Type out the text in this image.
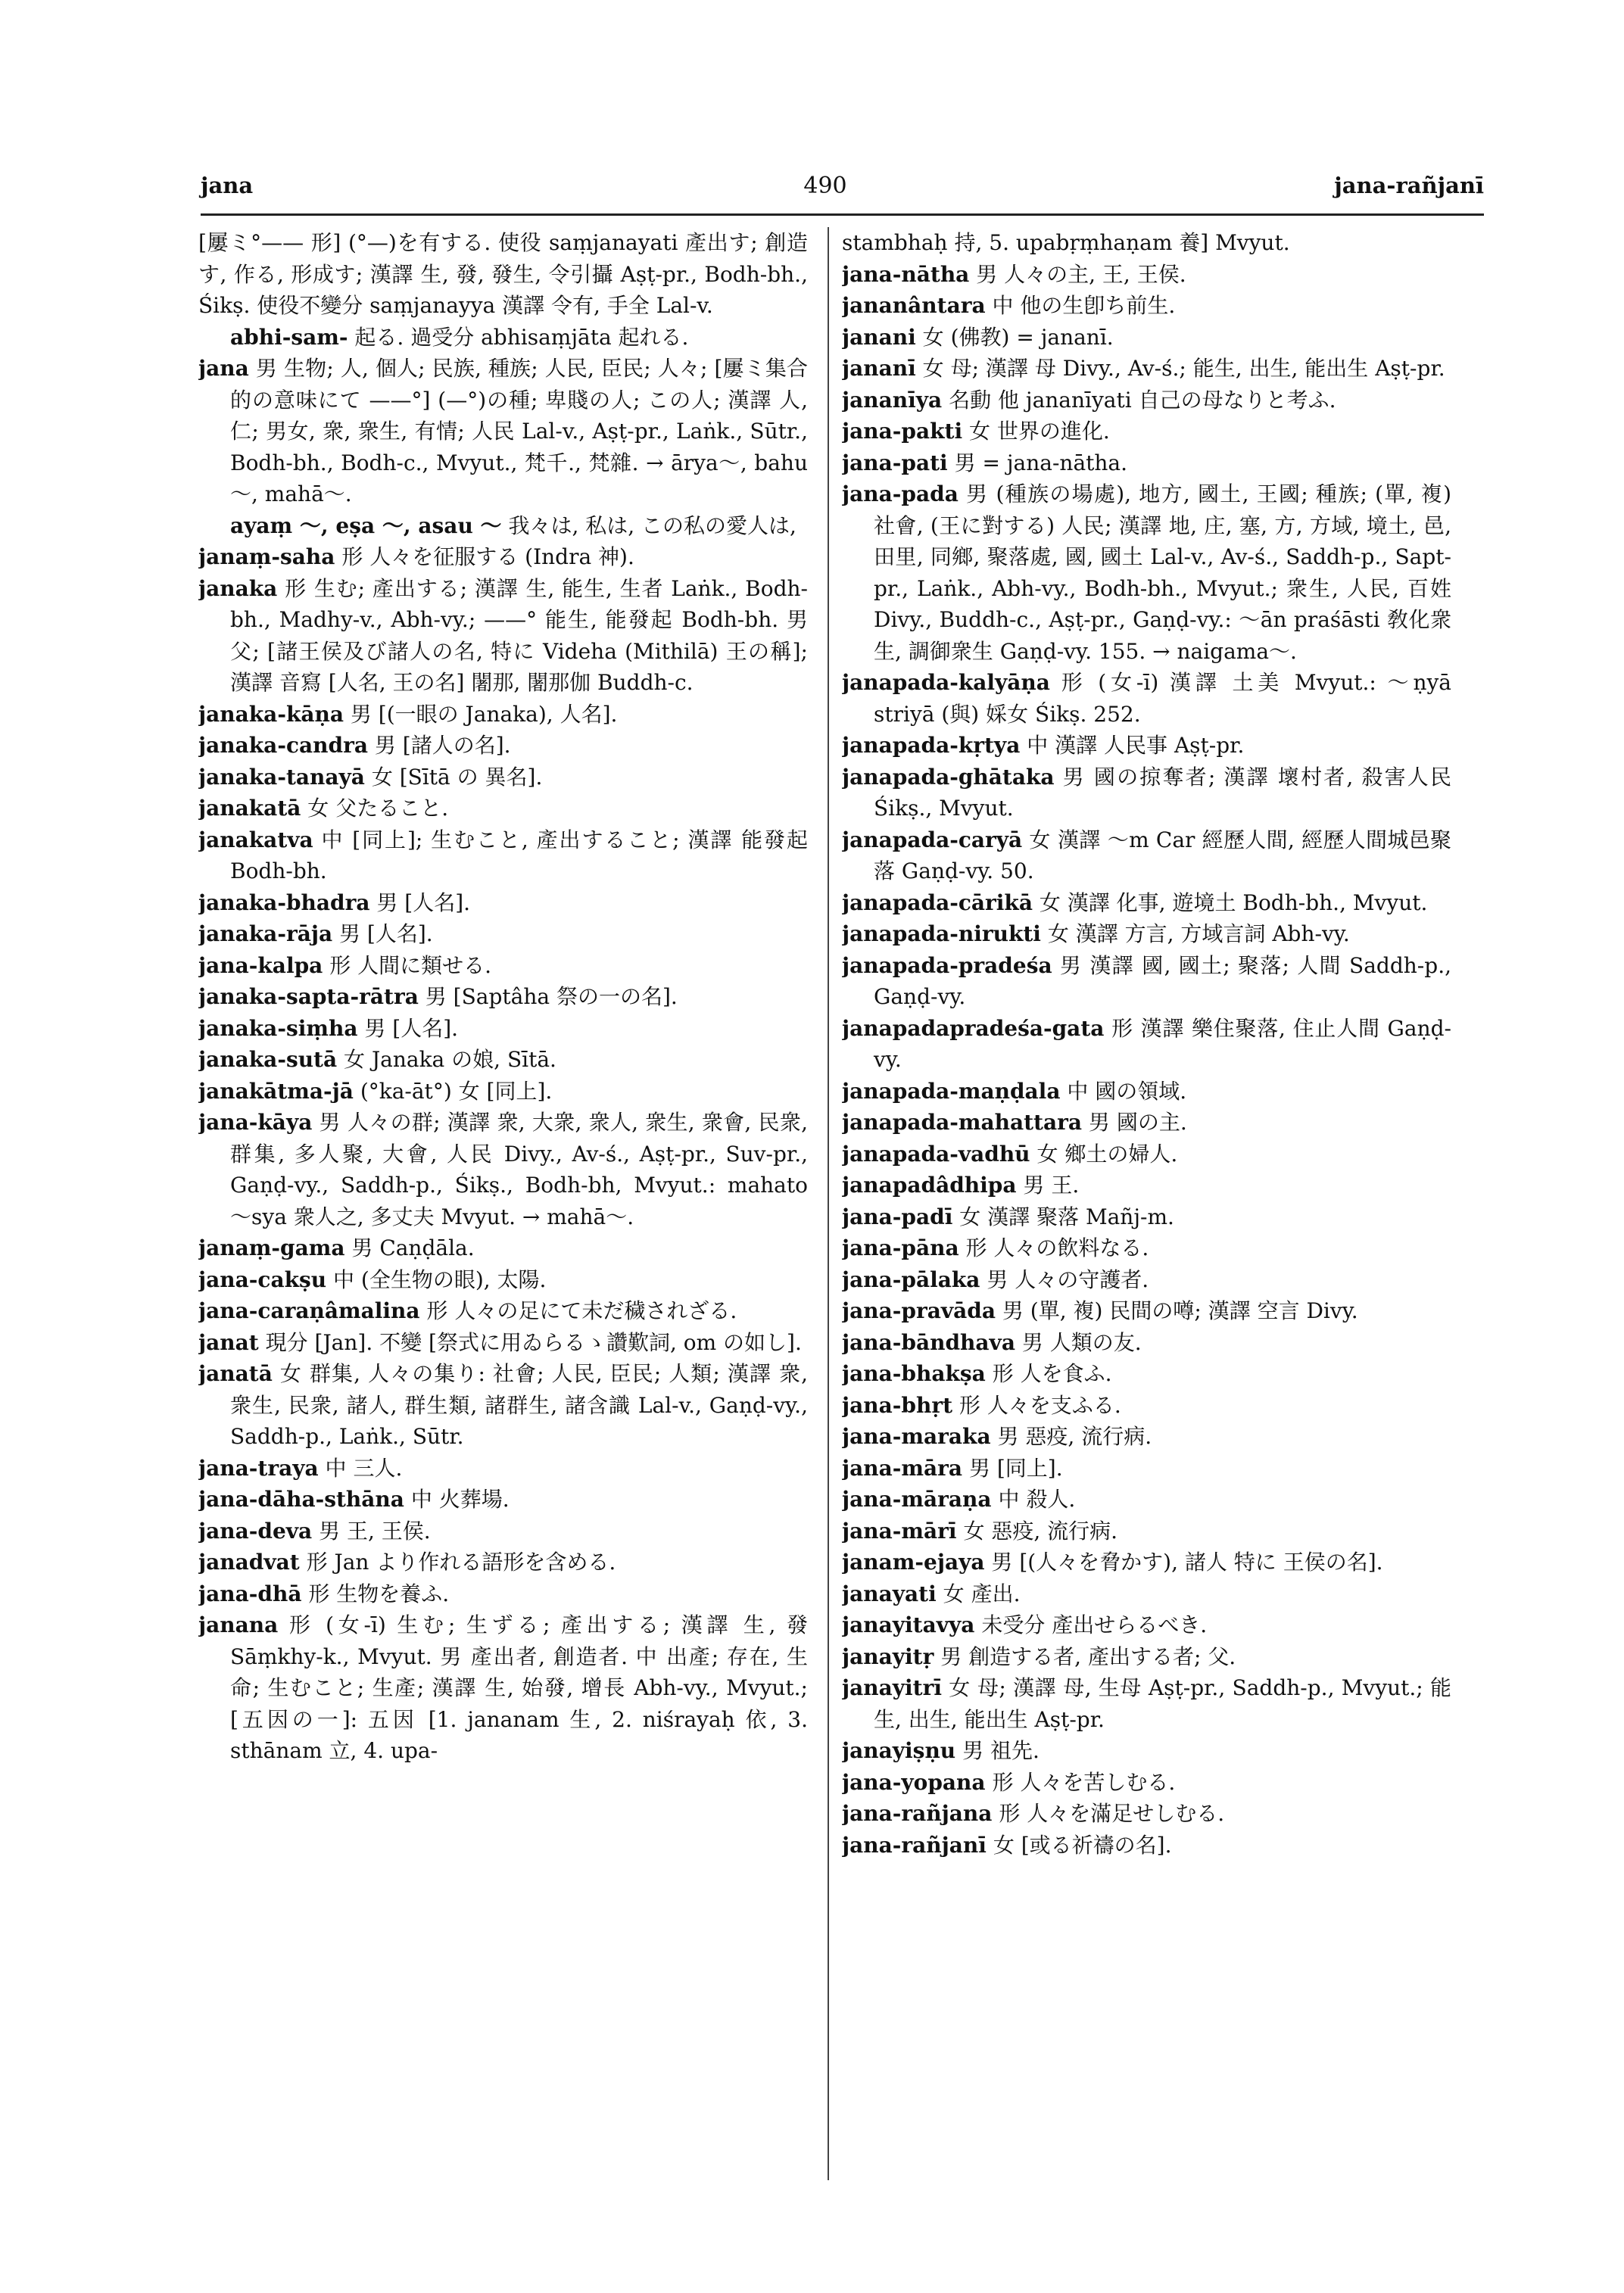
jana	490	jana-rañjanī

[屢ミ°—— 形] (°—)を有する. 使役 saṃjanayati 產出す; 創造す, 作る, 形成す; 漢譯 生, 發, 發生, 令引攝 Aṣṭ-pr., Bodh-bh., Śikṣ. 使役不變分 saṃjanayya 漢譯 令有, 手全 Lal-v.

abhi-sam- 起る. 過受分 abhisaṃjāta 起れる.

jana 男 生物; 人, 個人; 民族, 種族; 人民, 臣民; 人々; [屢ミ集合的の意味にて ——°] (—°)の種; 卑賤の人; この人; 漢譯 人, 仁; 男女, 衆, 衆生, 有情; 人民 Lal-v., Aṣṭ-pr., Laṅk., Sūtr., Bodh-bh., Bodh-c., Mvyut., 梵千., 梵雜. → ārya～, bahu～, mahā～.

ayaṃ ～, eṣa ～, asau ～ 我々は, 私は, この私の愛人は,

janaṃ-saha 形 人々を征服する (Indra 神).

janaka 形 生む; 產出する; 漢譯 生, 能生, 生者 Laṅk., Bodh-bh., Madhy-v., Abh-vy.; ——° 能生, 能發起 Bodh-bh. 男 父; [諸王侯及び諸人の名, 特に Videha (Mithilā) 王の稱]; 漢譯 音寫 [人名, 王の名] 闍那, 闍那伽 Buddh-c.

janaka-kāṇa 男 [(一眼の Janaka), 人名].

janaka-candra 男 [諸人の名].

janaka-tanayā 女 [Sītā の 異名].

janakatā 女 父たること.

janakatva 中 [同上]; 生むこと, 產出すること; 漢譯 能發起 Bodh-bh.

janaka-bhadra 男 [人名].

janaka-rāja 男 [人名].

jana-kalpa 形 人間に類せる.

janaka-sapta-rātra 男 [Saptâha 祭の一の名].

janaka-siṃha 男 [人名].

janaka-sutā 女 Janaka の娘, Sītā.

janakātma-jā (°ka-āt°) 女 [同上].

jana-kāya 男 人々の群; 漢譯 衆, 大衆, 衆人, 衆生, 衆會, 民衆, 群集, 多人聚, 大會, 人民 Divy., Av-ś., Aṣṭ-pr., Suv-pr., Gaṇḍ-vy., Saddh-p., Śikṣ., Bodh-bh, Mvyut.: mahato ～sya 衆人之, 多丈夫 Mvyut. → mahā～.

janaṃ-gama 男 Caṇḍāla.

jana-cakṣu 中 (全生物の眼), 太陽.

jana-caraṇâmalina 形 人々の足にて未だ穢されざる.

janat 現分 [Jan]. 不變 [祭式に用ゐらるゝ讚歎詞, om の如し].

janatā 女 群集, 人々の集り: 社會; 人民, 臣民; 人類; 漢譯 衆, 衆生, 民衆, 諸人, 群生類, 諸群生, 諸含識 Lal-v., Gaṇḍ-vy., Saddh-p., Laṅk., Sūtr.

jana-traya 中 三人.

jana-dāha-sthāna 中 火葬場.

jana-deva 男 王, 王侯.

janadvat 形 Jan より作れる語形を含める.

jana-dhā 形 生物を養ふ.

janana 形 (女-ī) 生む; 生ずる; 產出する; 漢譯 生, 發 Sāṃkhy-k., Mvyut. 男 產出者, 創造者. 中 出產; 存在, 生命; 生むこと; 生產; 漢譯 生, 始發, 增長 Abh-vy., Mvyut.; [五因の一]: 五因 [1. jananam 生, 2. niśrayaḥ 依, 3. sthānam 立, 4. upa-

stambhaḥ 持, 5. upabṛṃhaṇam 養] Mvyut.

jana-nātha 男 人々の主, 王, 王侯.

jananântara 中 他の生卽ち前生.

janani 女 (佛教) = jananī.

jananī 女 母; 漢譯 母 Divy., Av-ś.; 能生, 出生, 能出生 Aṣṭ-pr.

jananīya 名動 他 jananīyati 自己の母なりと考ふ.

jana-pakti 女 世界の進化.

jana-pati 男 = jana-nātha.

jana-pada 男 (種族の場處), 地方, 國土, 王國; 種族; (單, 複) 社會, (王に對する) 人民; 漢譯 地, 庄, 塞, 方, 方域, 境土, 邑, 田里, 同鄉, 聚落處, 國, 國土 Lal-v., Av-ś., Saddh-p., Sapt-pr., Laṅk., Abh-vy., Bodh-bh., Mvyut.; 衆生, 人民, 百姓 Divy., Buddh-c., Aṣṭ-pr., Gaṇḍ-vy.: ～ān praśāsti 敎化衆生, 調御衆生 Gaṇḍ-vy. 155. → naigama～.

janapada-kalyāṇa 形 (女-ī) 漢譯 土美 Mvyut.: ～ṇyā striyā (與) 婇女 Śikṣ. 252.

janapada-kṛtya 中 漢譯 人民事 Aṣṭ-pr.

janapada-ghātaka 男 國の掠奪者; 漢譯 壞村者, 殺害人民 Śikṣ., Mvyut.

janapada-caryā 女 漢譯 ～m Car 經歷人間, 經歷人間城邑聚落 Gaṇḍ-vy. 50.

janapada-cārikā 女 漢譯 化事, 遊境土 Bodh-bh., Mvyut.

janapada-nirukti 女 漢譯 方言, 方域言詞 Abh-vy.

janapada-pradeśa 男 漢譯 國, 國土; 聚落; 人間 Saddh-p., Gaṇḍ-vy.

janapadapradeśa-gata 形 漢譯 樂住聚落, 住止人間 Gaṇḍ-vy.

janapada-maṇḍala 中 國の領域.

janapada-mahattara 男 國の主.

janapada-vadhū 女 鄉土の婦人.

janapadâdhipa 男 王.

jana-padī 女 漢譯 聚落 Mañj-m.

jana-pāna 形 人々の飲料なる.

jana-pālaka 男 人々の守護者.

jana-pravāda 男 (單, 複) 民間の噂; 漢譯 空言 Divy.

jana-bāndhava 男 人類の友.

jana-bhakṣa 形 人を食ふ.

jana-bhṛt 形 人々を支ふる.

jana-maraka 男 惡疫, 流行病.

jana-māra 男 [同上].

jana-māraṇa 中 殺人.

jana-mārī 女 惡疫, 流行病.

janam-ejaya 男 [(人々を脅かす), 諸人 特に 王侯の名].

janayati 女 產出.

janayitavya 未受分 產出せらるべき.

janayitṛ 男 創造する者, 產出する者; 父.

janayitrī 女 母; 漢譯 母, 生母 Aṣṭ-pr., Saddh-p., Mvyut.; 能生, 出生, 能出生 Aṣṭ-pr.

janayiṣṇu 男 祖先.

jana-yopana 形 人々を苦しむる.

jana-rañjana 形 人々を滿足せしむる.

jana-rañjanī 女 [或る祈禱の名].
